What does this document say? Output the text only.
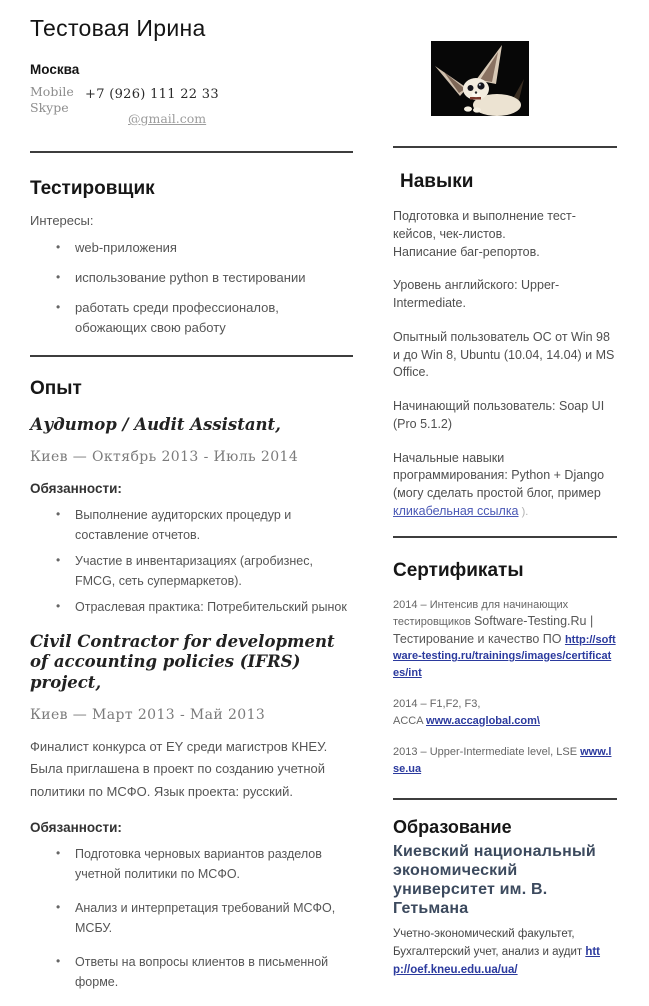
Тестовая Ирина
Москва
Mobile
Skype
+7 (926) 111 22 33
@gmail.com
Тестировщик
Интересы:
• web-приложения
• использование python в тестировании
• работать среди профессионалов, обожающих свою работу
Опыт
Аудитор / Audit Assistant,
Киев — Октябрь 2013 - Июль 2014
Обязанности:
• Выполнение аудиторских процедур и составление отчетов.
• Участие в инвентаризациях (агробизнес, FMCG, сеть супермаркетов).
• Отраслевая практика: Потребительский рынок
Civil Contractor for development of accounting policies (IFRS) project,
Киев — Март 2013 - Май 2013
Финалист конкурса от EY среди магистров КНЕУ. Была приглашена в проект по созданию учетной политики по МСФО. Язык проекта: русский.
Обязанности:
• Подготовка черновых вариантов разделов учетной политики по МСФО.
• Анализ и интерпретация требований МСФО, МСБУ.
• Ответы на вопросы клиентов в письменной форме.
Навыки

Подготовка и выполнение тест-кейсов, чек-листов.
Написание баг-репортов.

Уровень английского: Upper-Intermediate.

Опытный пользователь ОС от Win 98 и до Win 8, Ubuntu (10.04, 14.04) и MS Office.

Начинающий пользователь: Soap UI (Pro 5.1.2)

Начальные навыки программирования: Python + Django (могу сделать простой блог, пример кликабельная ссылка ).

Сертификаты
2014 – Интенсив для начинающих тестировщиков Software-Testing.Ru | Тестирование и качество ПО http://software-testing.ru/trainings/images/certificates/int
2014 – F1,F2, F3,
ACCA www.accaglobal.com\
2013 – Upper-Intermediate level, LSE www.lse.ua
Образование
Киевский национальный экономический университет им. В. Гетьмана
Учетно-экономический факультет, Бухгалтерский учет, анализ и аудит http://oef.kneu.edu.ua/ua/
